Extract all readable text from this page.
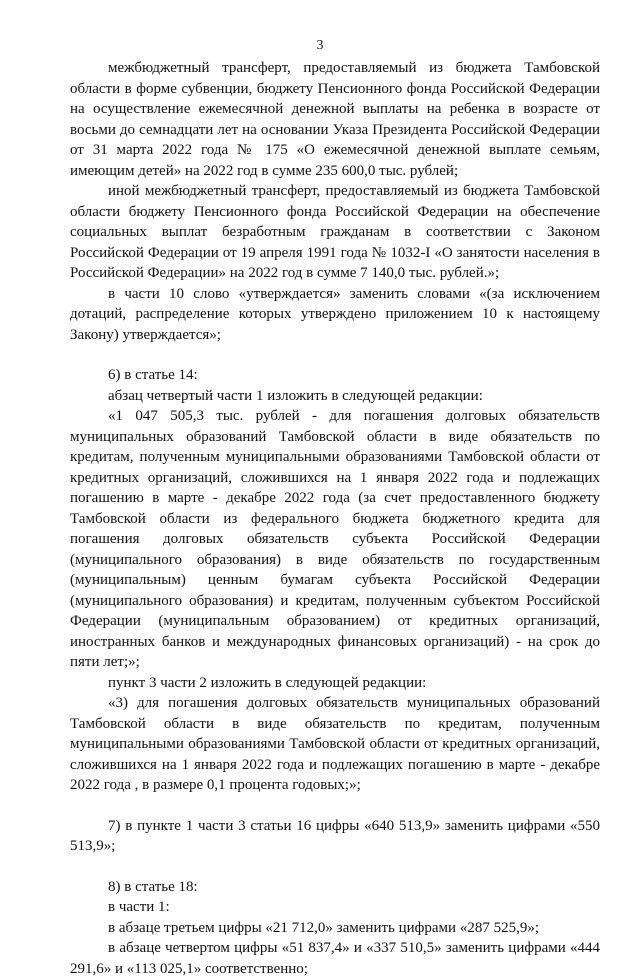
3

межбюджетный трансферт, предоставляемый из бюджета Тамбовской области в форме субвенции, бюджету Пенсионного фонда Российской Федерации на осуществление ежемесячной денежной выплаты на ребенка в возрасте от восьми до семнадцати лет на основании Указа Президента Российской Федерации от 31 марта 2022 года № 175 «О ежемесячной денежной выплате семьям, имеющим детей» на 2022 год в сумме 235 600,0 тыс. рублей;

иной межбюджетный трансферт, предоставляемый из бюджета Тамбовской области бюджету Пенсионного фонда Российской Федерации на обеспечение социальных выплат безработным гражданам в соответствии с Законом Российской Федерации от 19 апреля 1991 года № 1032-I «О занятости населения в Российской Федерации» на 2022 год в сумме 7 140,0 тыс. рублей.»;

в части 10 слово «утверждается» заменить словами «(за исключением дотаций, распределение которых утверждено приложением 10 к настоящему Закону) утверждается»;

6) в статье 14:

абзац четвертый части 1 изложить в следующей редакции:

«1 047 505,3 тыс. рублей - для погашения долговых обязательств муниципальных образований Тамбовской области в виде обязательств по кредитам, полученным муниципальными образованиями Тамбовской области от кредитных организаций, сложившихся на 1 января 2022 года и подлежащих погашению в марте - декабре 2022 года (за счет предоставленного бюджету Тамбовской области из федерального бюджета бюджетного кредита для погашения долговых обязательств субъекта Российской Федерации (муниципального образования) в виде обязательств по государственным (муниципальным) ценным бумагам субъекта Российской Федерации (муниципального образования) и кредитам, полученным субъектом Российской Федерации (муниципальным образованием) от кредитных организаций, иностранных банков и международных финансовых организаций) - на срок до пяти лет;»;

пункт 3 части 2 изложить в следующей редакции:

«3) для погашения долговых обязательств муниципальных образований Тамбовской области в виде обязательств по кредитам, полученным муниципальными образованиями Тамбовской области от кредитных организаций, сложившихся на 1 января 2022 года и подлежащих погашению в марте - декабре 2022 года , в размере 0,1 процента годовых;»;

7) в пункте 1 части 3 статьи 16 цифры «640 513,9» заменить цифрами «550 513,9»;

8) в статье 18:

в части 1:

в абзаце третьем цифры «21 712,0» заменить цифрами «287 525,9»;

в абзаце четвертом цифры «51 837,4» и «337 510,5» заменить цифрами «444 291,6» и «113 025,1» соответственно;
